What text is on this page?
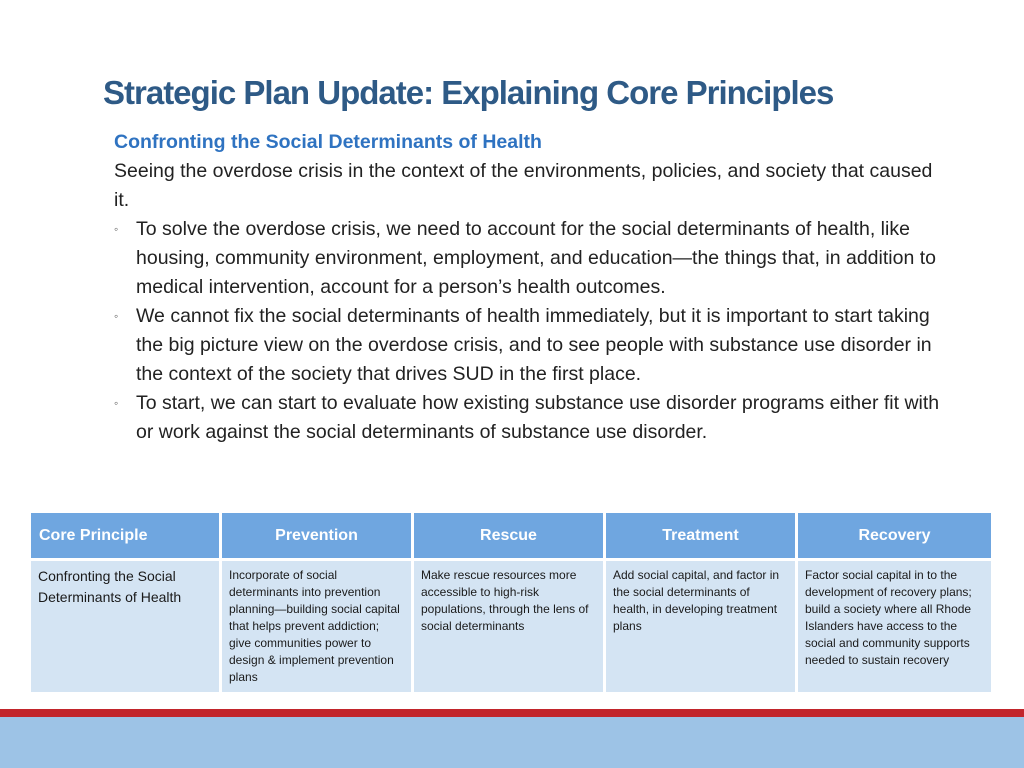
Strategic Plan Update: Explaining Core Principles
Confronting the Social Determinants of Health

Seeing the overdose crisis in the context of the environments, policies, and society that caused it.

◦ To solve the overdose crisis, we need to account for the social determinants of health, like housing, community environment, employment, and education—the things that, in addition to medical intervention, account for a person’s health outcomes.
◦ We cannot fix the social determinants of health immediately, but it is important to start taking the big picture view on the overdose crisis, and to see people with substance use disorder in the context of the society that drives SUD in the first place.
◦ To start, we can start to evaluate how existing substance use disorder programs either fit with or work against the social determinants of substance use disorder.
Core Principle	Prevention	Rescue	Treatment	Recovery
Confronting the Social Determinants of Health	Incorporate of social determinants into prevention planning—building social capital that helps prevent addiction; give communities power to design & implement prevention plans	Make rescue resources more accessible to high-risk populations, through the lens of social determinants	Add social capital, and factor in the social determinants of health, in developing treatment plans	Factor social capital in to the development of recovery plans; build a society where all Rhode Islanders have access to the social and community supports needed to sustain recovery
